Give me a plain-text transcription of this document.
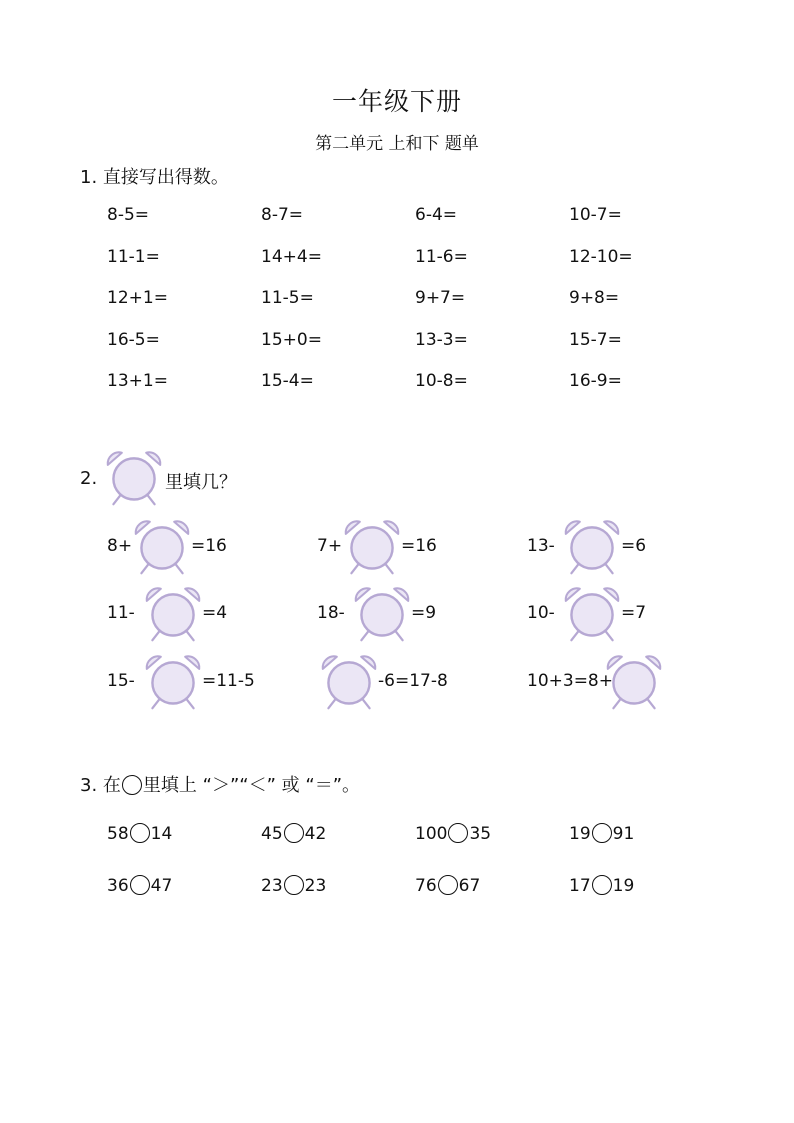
一年级下册
第二单元 上和下 题单
1. 直接写出得数。
8-5=	8-7=	6-4=	10-7=
11-1=	14+4=	11-6=	12-10=
12+1=	11-5=	9+7=	9+8=
16-5=	15+0=	13-3=	15-7=
13+1=	15-4=	10-8=	16-9=
2.	里填几？
8+	=16	7+	=16	13-	=6
11-	=4	18-	=9	10-	=7
15-	=11-5	-6=17-8	10+3=8+
3. 在 里填上 “＞”“＜” 或 “＝”。
58 14	45 42	100 35	19 91
36 47	23 23	76 67	17 19
